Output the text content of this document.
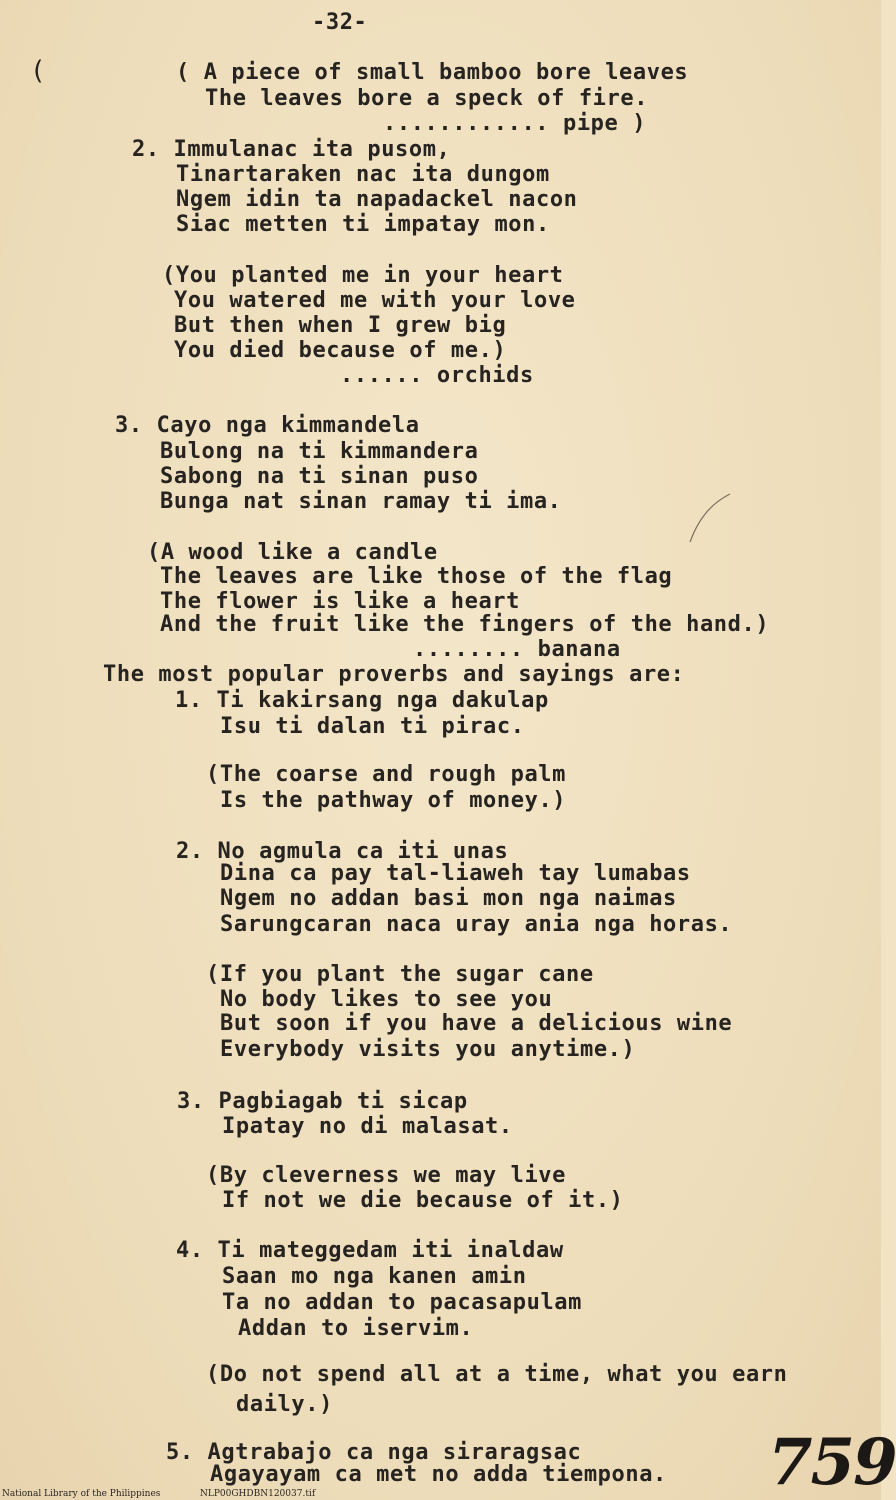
-32-
(	( A piece of small bamboo bore leaves
The leaves bore a speck of fire.
............ pipe )
2. Immulanac ita pusom,
Tinartaraken nac ita dungom
Ngem idin ta napadackel nacon
Siac metten ti impatay mon.
(You planted me in your heart
You watered me with your love
But then when I grew big
You died because of me.)
...... orchids
3. Cayo nga kimmandela
Bulong na ti kimmandera
Sabong na ti sinan puso
Bunga nat sinan ramay ti ima.
(A wood like a candle
The leaves are like those of the flag
The flower is like a heart
And the fruit like the fingers of the hand.)
........ banana
The most popular proverbs and sayings are:
1. Ti kakirsang nga dakulap
Isu ti dalan ti pirac.
(The coarse and rough palm
Is the pathway of money.)
2. No agmula ca iti unas
Dina ca pay tal-liaweh tay lumabas
Ngem no addan basi mon nga naimas
Sarungcaran naca uray ania nga horas.
(If you plant the sugar cane
No body likes to see you
But soon if you have a delicious wine
Everybody visits you anytime.)
3. Pagbiagab ti sicap
Ipatay no di malasat.
(By cleverness we may live
If not we die because of it.)
4. Ti mateggedam iti inaldaw
Saan mo nga kanen amin
Ta no addan to pacasapulam
Addan to iservim.
(Do not spend all at a time, what you earn
daily.)
5. Agtrabajo ca nga siraragsac
Agayayam ca met no adda tiempona. 759
National Library of the Philippines	NLP00GHDBN120037.tif
